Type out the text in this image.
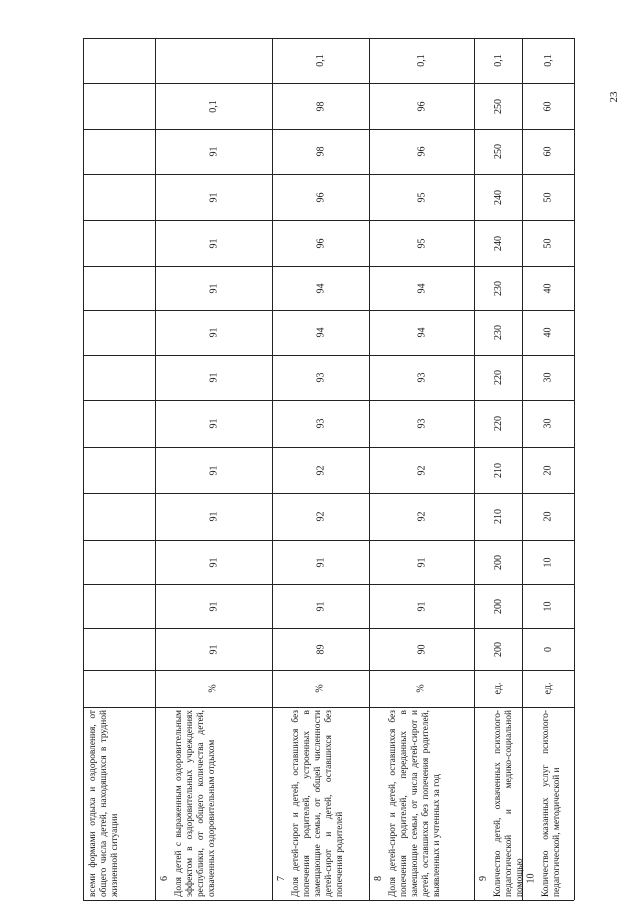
всеми формами отдыха и оздоровления, от общего числа детей, находящихся в трудной жизненной ситуации	6 Доля детей с выраженным оздоровительным эффектом в оздоровительных учреждениях республики, от общего количества детей, охваченных оздоровительным отдыхом
%
91
91
91
91
91
91
91
91
91
91
91
91
0,1
7 Доля детей-сирот и детей, оставшихся без попечения родителей, устроенных в замещающие семьи, от общей численности детей-сирот и детей, оставшихся без попечения родителей
%
89
91
91
92
92
93
93
94
94
96
96
98
98
0,1
8 Доля детей-сирот и детей, оставшихся без попечения родителей, переданных в замещающие семьи, от числа детей-сирот и детей, оставшихся без попечения родителей, выявленных и учтенных за год
%
90
91
91
92
92
93
93
94
94
95
95
96
96
0,1
9 Количество детей, охваченных психолого-педагогической и медико-социальной помощью
ед.
200
200
200
210
210
220
220
230
230
240
240
250
250
0,1
10 Количество оказанных услуг психолого-педагогической, методической и
ед.
0
10
10
20
20
30
30
40
40
50
50
60
60
0,1
23
